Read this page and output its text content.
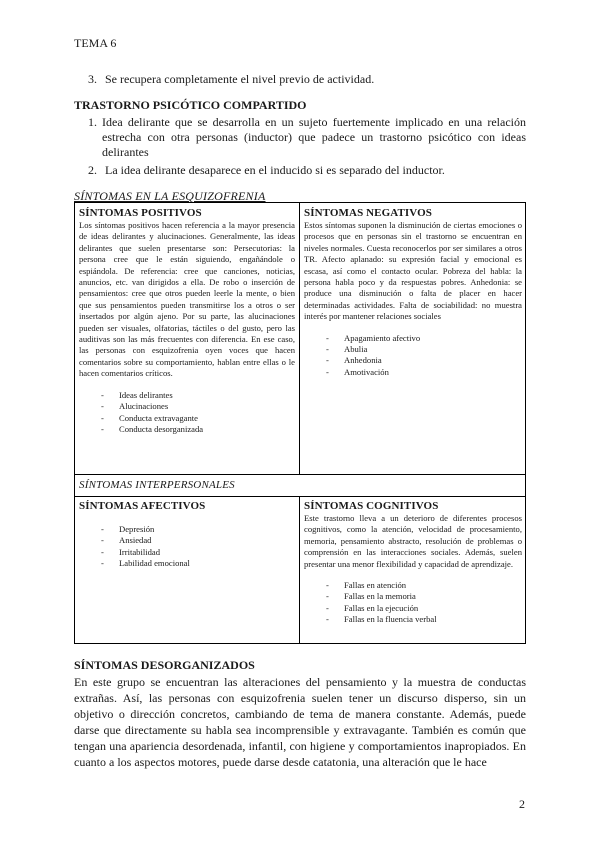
TEMA 6
3. Se recupera completamente el nivel previo de actividad.
TRASTORNO PSICÓTICO COMPARTIDO
1. Idea delirante que se desarrolla en un sujeto fuertemente implicado en una relación
estrecha con otra personas (inductor) que padece un trastorno psicótico con ideas
delirantes
2. La idea delirante desaparece en el inducido si es separado del inductor.
SÍNTOMAS EN LA ESQUIZOFRENIA
SÍNTOMAS POSITIVOS
Los síntomas positivos hacen referencia a la mayor presencia de ideas delirantes y alucinaciones. Generalmente, las ideas delirantes que suelen presentarse son: Persecutorias: la persona cree que le están siguiendo, engañándole o espiándola. De referencia: cree que canciones, noticias, anuncios, etc. van dirigidos a ella. De robo o inserción de pensamientos: cree que otros pueden leerle la mente, o bien que sus pensamientos pueden transmitirse los a otros o ser insertados por algún ajeno. Por su parte, las alucinaciones pueden ser visuales, olfatorias, táctiles o del gusto, pero las auditivas son las más frecuentes con diferencia. En ese caso, las personas con esquizofrenia oyen voces que hacen comentarios sobre su comportamiento, hablan entre ellas o le hacen comentarios críticos.
- Ideas delirantes
- Alucinaciones
- Conducta extravagante
- Conducta desorganizada
SÍNTOMAS NEGATIVOS
Estos síntomas suponen la disminución de ciertas emociones o procesos que en personas sin el trastorno se encuentran en niveles normales. Cuesta reconocerlos por ser similares a otros TR. Afecto aplanado: su expresión facial y emocional es escasa, así como el contacto ocular. Pobreza del habla: la persona habla poco y da respuestas pobres. Anhedonia: se produce una disminución o falta de placer en hacer determinadas actividades. Falta de sociabilidad: no muestra interés por mantener relaciones sociales
- Apagamiento afectivo
- Abulia
- Anhedonia
- Amotivación
SÍNTOMAS INTERPERSONALES
SÍNTOMAS AFECTIVOS
- Depresión
- Ansiedad
- Irritabilidad
- Labilidad emocional
SÍNTOMAS COGNITIVOS
Este trastorno lleva a un deterioro de diferentes procesos cognitivos, como la atención, velocidad de procesamiento, memoria, pensamiento abstracto, resolución de problemas o comprensión en las interacciones sociales. Además, suelen presentar una menor flexibilidad y capacidad de aprendizaje.
- Fallas en atención
- Fallas en la memoria
- Fallas en la ejecución
- Fallas en la fluencia verbal
SÍNTOMAS DESORGANIZADOS
En este grupo se encuentran las alteraciones del pensamiento y la muestra de conductas extrañas. Así, las personas con esquizofrenia suelen tener un discurso disperso, sin un objetivo o dirección concretos, cambiando de tema de manera constante. Además, puede darse que directamente su habla sea incomprensible y extravagante. También es común que tengan una apariencia desordenada, infantil, con higiene y comportamientos inapropiados. En cuanto a los aspectos motores, puede darse desde catatonia, una alteración que le hace
2
